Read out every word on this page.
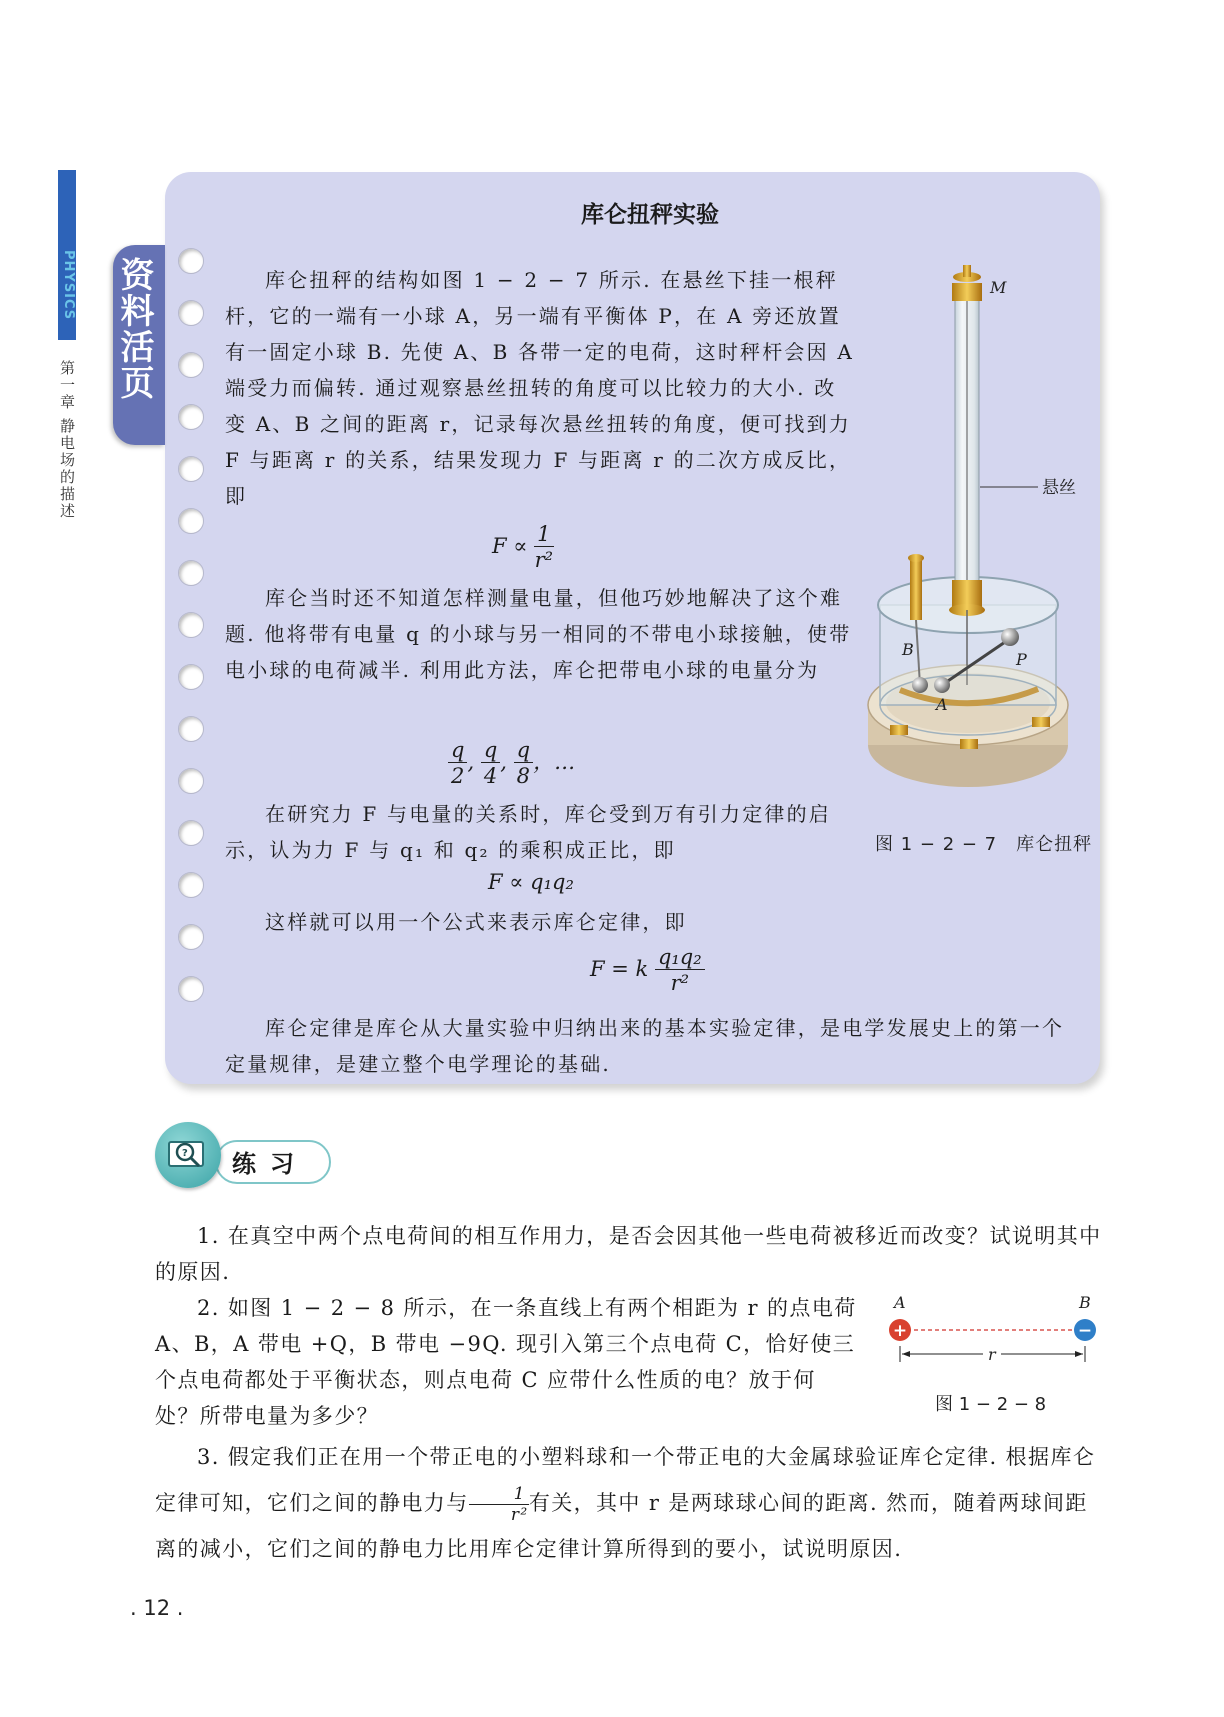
PHYSICS
第一章 静电场的描述
资料活页
库仑扭秤实验

库仑扭秤的结构如图 1 − 2 − 7 所示. 在悬丝下挂一根秤杆，它的一端有一小球 A，另一端有平衡体 P，在 A 旁还放置有一固定小球 B. 先使 A、B 各带一定的电荷，这时秤杆会因 A 端受力而偏转. 通过观察悬丝扭转的角度可以比较力的大小. 改变 A、B 之间的距离 r，记录每次悬丝扭转的角度，便可找到力 F 与距离 r 的关系，结果发现力 F 与距离 r 的二次方成反比，即

$F \propto \frac{1}{\text{r²}}$

库仑当时还不知道怎样测量电量，但他巧妙地解决了这个难题. 他将带有电量 q 的小球与另一相同的不带电小球接触，使带电小球的电荷减半. 利用此方法，库仑把带电小球的电量分为

$\frac{q}{2}$ , $\frac{q}{4}$ , $\frac{q}{8}$ ，…

在研究力 F 与电量的关系时，库仑受到万有引力定律的启示，认为力 F 与 q₁ 和 q₂ 的乘积成正比，即

F ∝ q₁q₂

这样就可以用一个公式来表示库仑定律，即

F = k $\frac{\text{q₁q₂}}{\text{r²}}$

库仑定律是库仑从大量实验中归纳出来的基本实验定律，是电学发展史上的第一个定量规律，是建立整个电学理论的基础.

M
悬丝
B
P
A
图 1 − 2 − 7　库仑扭秤
? 练习

1. 在真空中两个点电荷间的相互作用力，是否会因其他一些电荷被移近而改变？试说明其中的原因.

2. 如图 1 − 2 − 8 所示，在一条直线上有两个相距为 r 的点电荷 A、B，A 带电 +Q，B 带电 −9Q. 现引入第三个点电荷 C，恰好使三个点电荷都处于平衡状态，则点电荷 C 应带什么性质的电？放于何处？所带电量为多少？

+	−
A	B
r
图 1 − 2 − 8

3. 假定我们正在用一个带正电的小塑料球和一个带正电的大金属球验证库仑定律. 根据库仑定律可知，它们之间的静电力与 $\frac{1}{\text{r²}}$ 有关，其中 r 是两球球心间的距离. 然而，随着两球间距离的减小，它们之间的静电力比用库仑定律计算所得到的要小，试说明原因.

. 12 .
